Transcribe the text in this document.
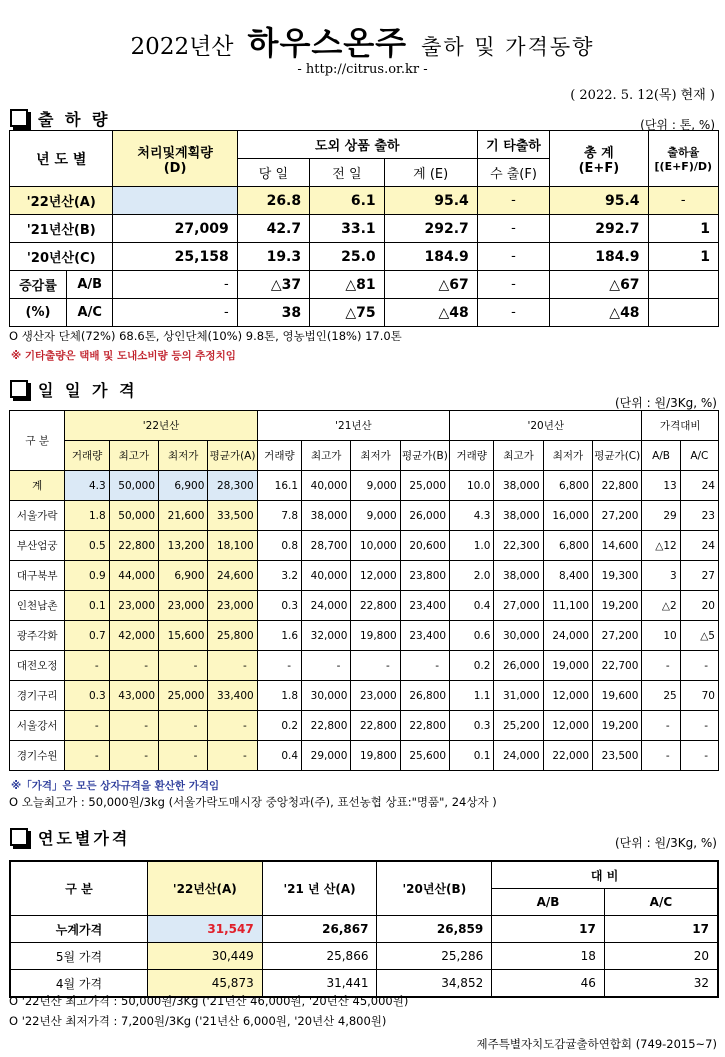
2022년산 하우스온주 출하 및 가격동향
- http://citrus.or.kr -
( 2022. 5. 12(목) 현재 )
출 하 량	(단위 : 톤, %)
년 도 별		처리및계획량
(D)	도외 상품 출하			기 타출하	총 계
(E+F)	출하율
[(E+F)/D)
			당 일	전 일	계 (E)	수 출(F)		
'22년산(A)			26.8	6.1	95.4	-	95.4	-
'21년산(B)		27,009	42.7	33.1	292.7	-	292.7	1
'20년산(C)		25,158	19.3	25.0	184.9	-	184.9	1
증감률	A/B	-	△37	△81	△67	-	△67	
(%)	A/C	-	38	△75	△48	-	△48	
O 생산자 단체(72%) 68.6톤, 상인단체(10%) 9.8톤, 영농법인(18%) 17.0톤
※ 기타출량은 택배 및 도내소비량 등의 추정치임
일 일 가 격
(단위 : 원/3Kg, %)
구 분	'22년산				'21년산				'20년산				가격대비	
	거래량	최고가	최저가	평균가(A)	거래량	최고가	최저가	평균가(B)	거래량	최고가	최저가	평균가(C)	A/B	A/C
계	4.3	50,000	6,900	28,300	16.1	40,000	9,000	25,000	10.0	38,000	6,800	22,800	13	24
서울가락	1.8	50,000	21,600	33,500	7.8	38,000	9,000	26,000	4.3	38,000	16,000	27,200	29	23
부산엄궁	0.5	22,800	13,200	18,100	0.8	28,700	10,000	20,600	1.0	22,300	6,800	14,600	△12	24
대구북부	0.9	44,000	6,900	24,600	3.2	40,000	12,000	23,800	2.0	38,000	8,400	19,300	3	27
인천남촌	0.1	23,000	23,000	23,000	0.3	24,000	22,800	23,400	0.4	27,000	11,100	19,200	△2	20
광주각화	0.7	42,000	15,600	25,800	1.6	32,000	19,800	23,400	0.6	30,000	24,000	27,200	10	△5
대전오정	-	-	-	-	-	-	-	-	0.2	26,000	19,000	22,700	-	-
경기구리	0.3	43,000	25,000	33,400	1.8	30,000	23,000	26,800	1.1	31,000	12,000	19,600	25	70
서울강서	-	-	-	-	0.2	22,800	22,800	22,800	0.3	25,200	12,000	19,200	-	-
경기수원	-	-	-	-	0.4	29,000	19,800	25,600	0.1	24,000	22,000	23,500	-	-
※「가격」은 모든 상자규격을 환산한 가격임
O 오늘최고가 : 50,000원/3kg (서울가락도매시장 중앙청과(주), 표선농협 상표:"명품", 24상자 )
연도별가격	(단위 : 원/3Kg, %)
구 분	'22년산(A)	'21 년 산(A)	'20년산(B)	대 비	
				A/B	A/C
누계가격	31,547	26,867	26,859	17	17
5월 가격	30,449	25,866	25,286	18	20
4월 가격	45,873	31,441	34,852	46	32
O '22년산 최고가격 : 50,000원/3Kg ('21년산 46,000원, '20년산 45,000원)
O '22년산 최저가격 : 7,200원/3Kg ('21년산 6,000원, '20년산 4,800원)
제주특별자치도감귤출하연합회 (749-2015~7)
